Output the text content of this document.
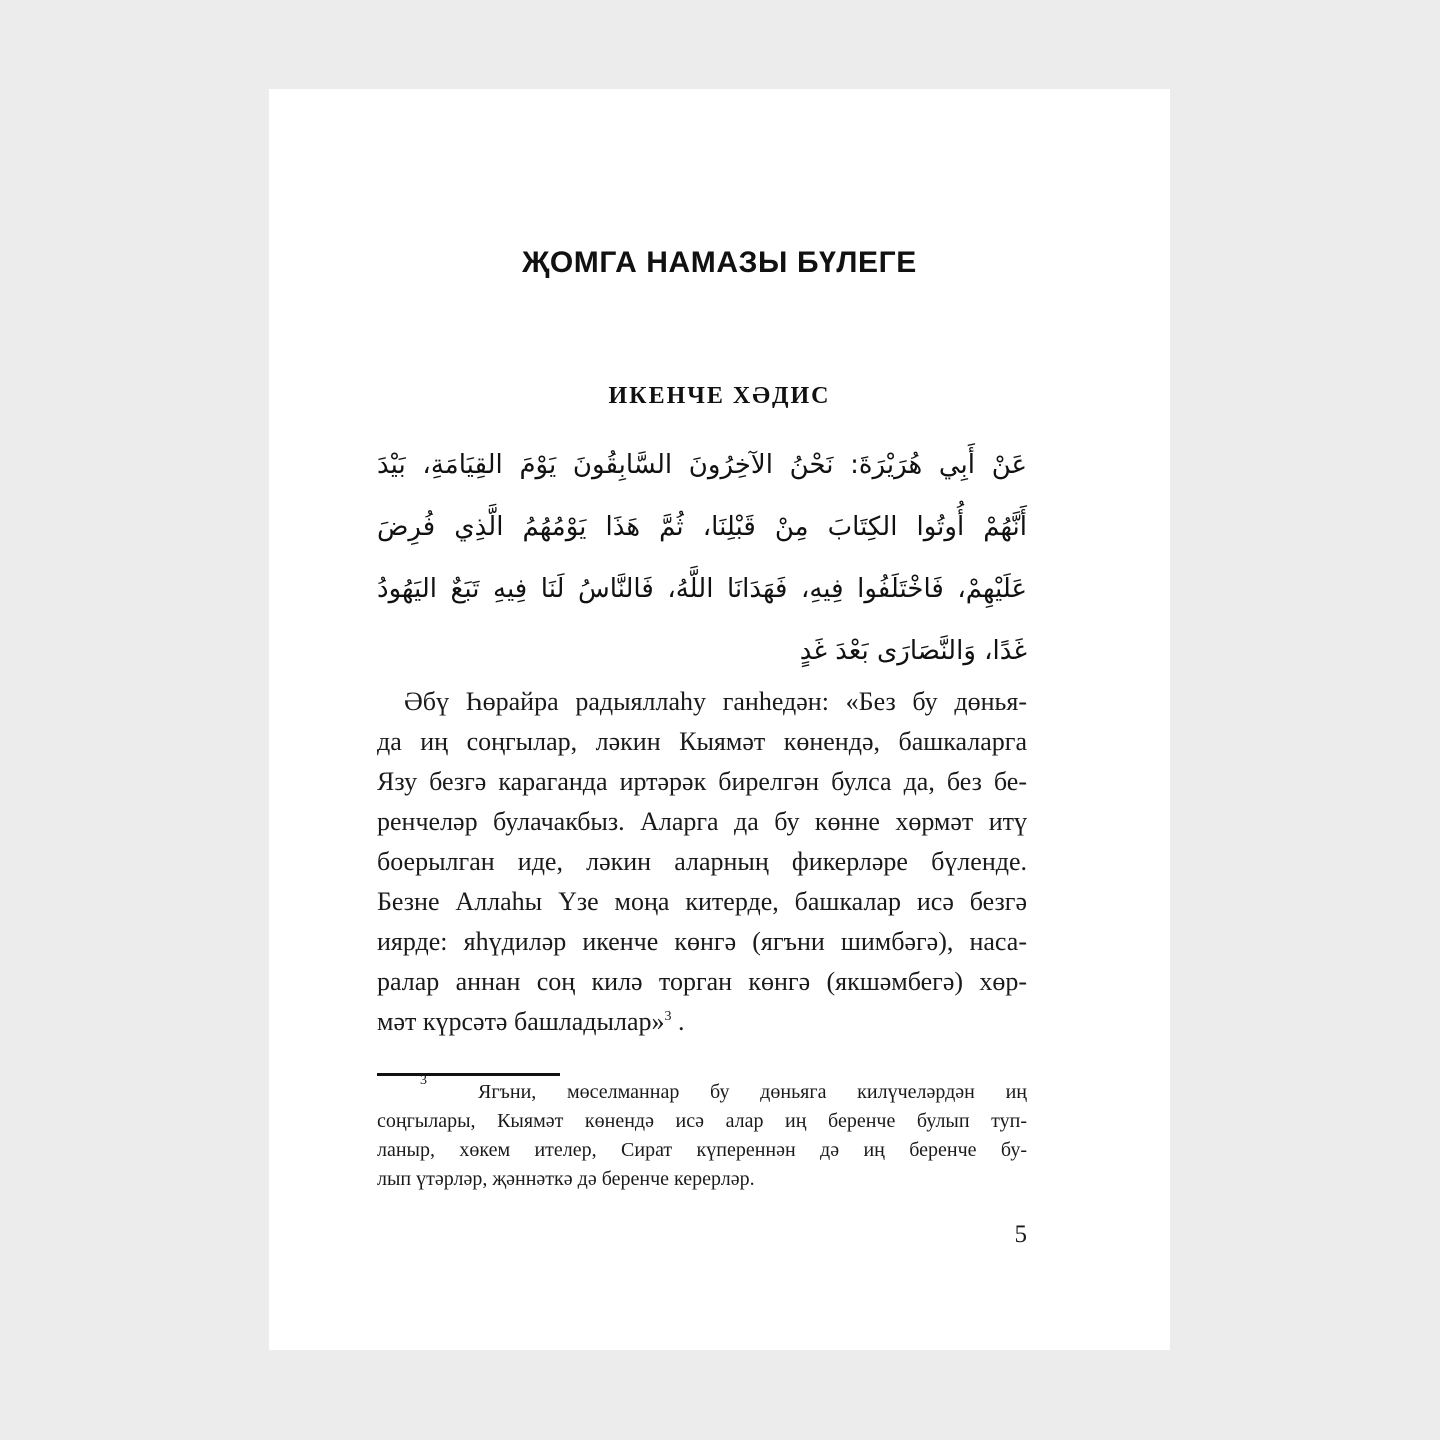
ҖОМГА НАМАЗЫ БҮЛЕГЕ
ИКЕНЧЕ ХӘДИС
عَنْ أَبِي هُرَيْرَةَ: نَحْنُ الآخِرُونَ السَّابِقُونَ يَوْمَ القِيَامَةِ، بَيْدَ
أَنَّهُمْ أُوتُوا الكِتَابَ مِنْ قَبْلِنَا، ثُمَّ هَذَا يَوْمُهُمُ الَّذِي فُرِضَ
عَلَيْهِمْ، فَاخْتَلَفُوا فِيهِ، فَهَدَانَا اللَّهُ، فَالنَّاسُ لَنَا فِيهِ تَبَعٌ اليَهُودُ
غَدًا، وَالنَّصَارَى بَعْدَ غَدٍ
Әбү Һөрайра радыяллаһу ганһедән: «Без бу дөнья-
да иң соңгылар, ләкин Кыямәт көнендә, башкаларга
Язу безгә караганда иртәрәк бирелгән булса да, без бе-
ренчеләр булачакбыз. Аларга да бу көнне хөрмәт итү
боерылган иде, ләкин аларның фикерләре бүленде.
Безне Аллаһы Үзе моңа китерде, башкалар исә безгә
иярде: яһүдиләр икенче көнгә (ягъни шимбәгә), наса-
ралар аннан соң килә торган көнгә (якшәмбегә) хөр-
мәт күрсәтә башладылар»$^3$ .
3
Ягъни, мөселманнар бу дөньяга килүчеләрдән иң
соңгылары, Кыямәт көнендә исә алар иң беренче булып туп-
ланыр, хөкем ителер, Сират күпереннән дә иң беренче бу-
лып үтәрләр, җәннәткә дә беренче керерләр.
5
